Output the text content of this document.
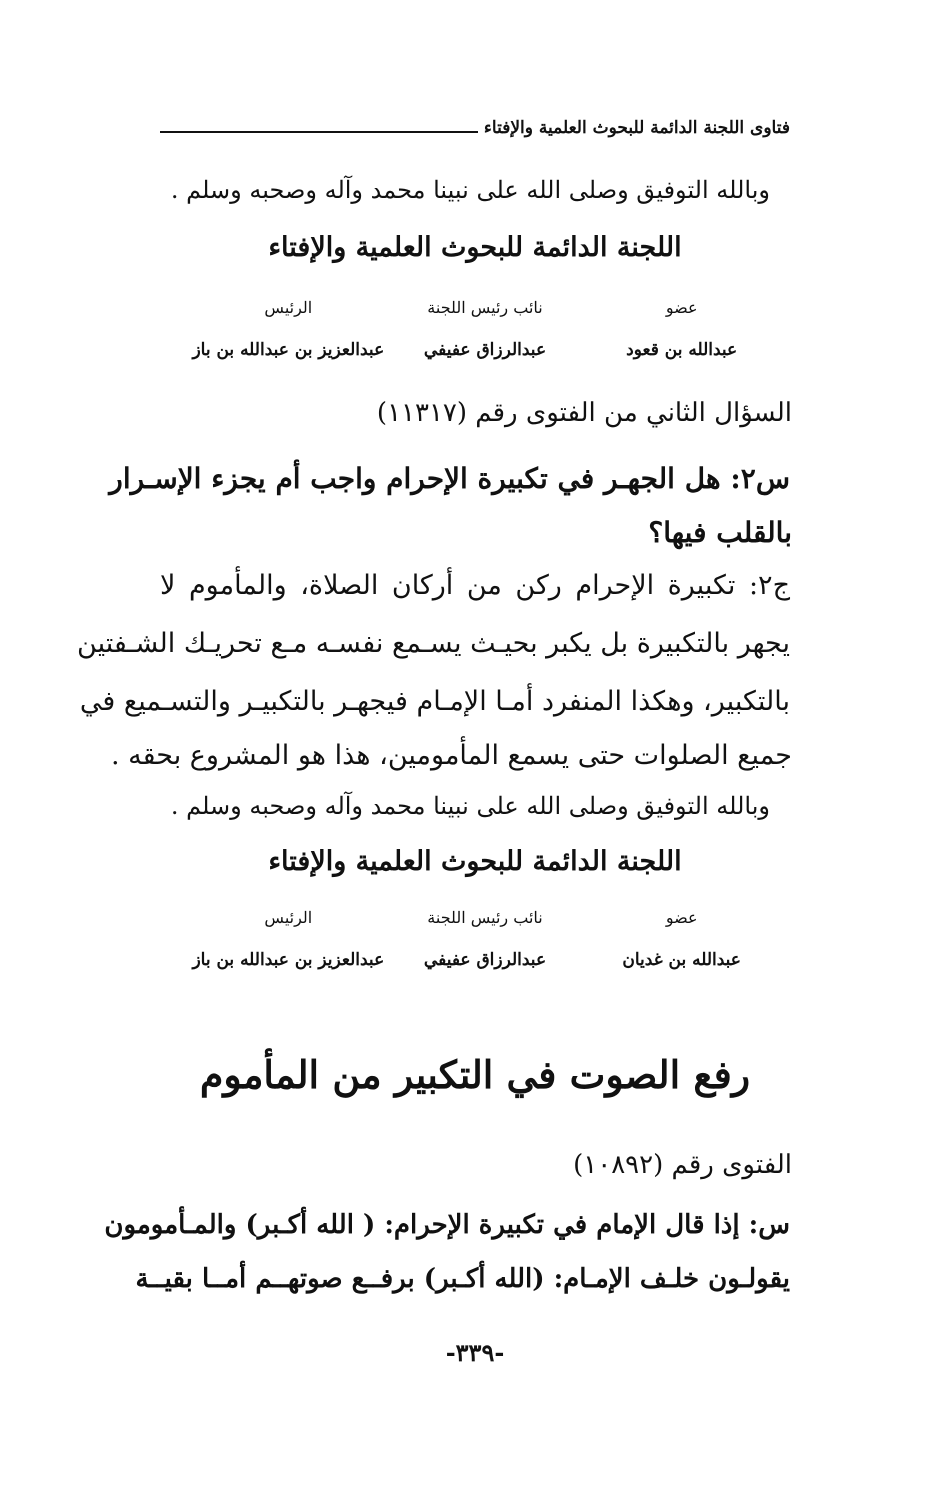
فتاوى اللجنة الدائمة للبحوث العلمية والإفتاء
وبالله التوفيق وصلى الله على نبينا محمد وآله وصحبه وسلم .
اللجنة الدائمة للبحوث العلمية والإفتاء
عضو
نائب رئيس اللجنة
الرئيس
عبدالله بن قعود
عبدالرزاق عفيفي
عبدالعزيز بن عبدالله بن باز
السؤال الثاني من الفتوى رقم (١١٣١٧)
س٢: هل الجهـر في تكبيرة الإحرام واجب أم يجزء الإسـرار
بالقلب فيها؟
ج٢: تكبيرة الإحرام ركن من أركان الصلاة، والمأموم لا
يجهر بالتكبيرة بل يكبر بحيـث يسـمع نفسـه مـع تحريـك الشـفتين
بالتكبير، وهكذا المنفرد أمـا الإمـام فيجهـر بالتكبيـر والتسـميع في
جميع الصلوات حتى يسمع المأمومين، هذا هو المشروع بحقه .
وبالله التوفيق وصلى الله على نبينا محمد وآله وصحبه وسلم .
اللجنة الدائمة للبحوث العلمية والإفتاء
عضو
نائب رئيس اللجنة
الرئيس
عبدالله بن غديان
عبدالرزاق عفيفي
عبدالعزيز بن عبدالله بن باز
رفع الصوت في التكبير من المأموم
الفتوى رقم (١٠٨٩٢)
س: إذا قال الإمام في تكبيرة الإحرام: ( الله أكـبر) والمـأمومون
يقولـون خلـف الإمـام: (الله أكـبر) برفــع صوتهــم أمــا بقيــة
-٣٣٩-
